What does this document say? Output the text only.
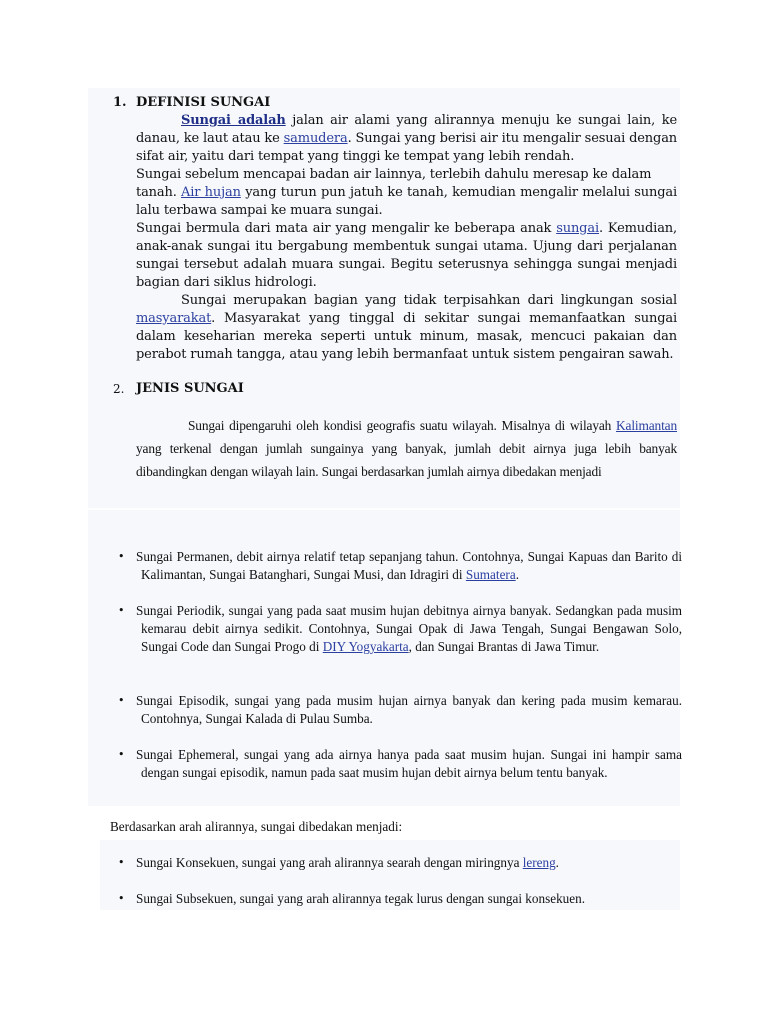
1. DEFINISI SUNGAI
Sungai adalah jalan air alami yang alirannya menuju ke sungai lain, ke danau, ke laut atau ke samudera. Sungai yang berisi air itu mengalir sesuai dengan sifat air, yaitu dari tempat yang tinggi ke tempat yang lebih rendah.
Sungai sebelum mencapai badan air lainnya, terlebih dahulu meresap ke dalam tanah. Air hujan yang turun pun jatuh ke tanah, kemudian mengalir melalui sungai lalu terbawa sampai ke muara sungai.
Sungai bermula dari mata air yang mengalir ke beberapa anak sungai. Kemudian, anak-anak sungai itu bergabung membentuk sungai utama. Ujung dari perjalanan sungai tersebut adalah muara sungai. Begitu seterusnya sehingga sungai menjadi bagian dari siklus hidrologi.
Sungai merupakan bagian yang tidak terpisahkan dari lingkungan sosial masyarakat. Masyarakat yang tinggal di sekitar sungai memanfaatkan sungai dalam keseharian mereka seperti untuk minum, masak, mencuci pakaian dan perabot rumah tangga, atau yang lebih bermanfaat untuk sistem pengairan sawah.
2. JENIS SUNGAI
Sungai dipengaruhi oleh kondisi geografis suatu wilayah. Misalnya di wilayah Kalimantan yang terkenal dengan jumlah sungainya yang banyak, jumlah debit airnya juga lebih banyak dibandingkan dengan wilayah lain. Sungai berdasarkan jumlah airnya dibedakan menjadi
• Sungai Permanen, debit airnya relatif tetap sepanjang tahun. Contohnya, Sungai Kapuas dan Barito di Kalimantan, Sungai Batanghari, Sungai Musi, dan Idragiri di Sumatera.
• Sungai Periodik, sungai yang pada saat musim hujan debitnya airnya banyak. Sedangkan pada musim kemarau debit airnya sedikit. Contohnya, Sungai Opak di Jawa Tengah, Sungai Bengawan Solo, Sungai Code dan Sungai Progo di DIY Yogyakarta, dan Sungai Brantas di Jawa Timur.
• Sungai Episodik, sungai yang pada musim hujan airnya banyak dan kering pada musim kemarau. Contohnya, Sungai Kalada di Pulau Sumba.
• Sungai Ephemeral, sungai yang ada airnya hanya pada saat musim hujan. Sungai ini hampir sama dengan sungai episodik, namun pada saat musim hujan debit airnya belum tentu banyak.
Berdasarkan arah alirannya, sungai dibedakan menjadi:
• Sungai Konsekuen, sungai yang arah alirannya searah dengan miringnya lereng.
• Sungai Subsekuen, sungai yang arah alirannya tegak lurus dengan sungai konsekuen.
